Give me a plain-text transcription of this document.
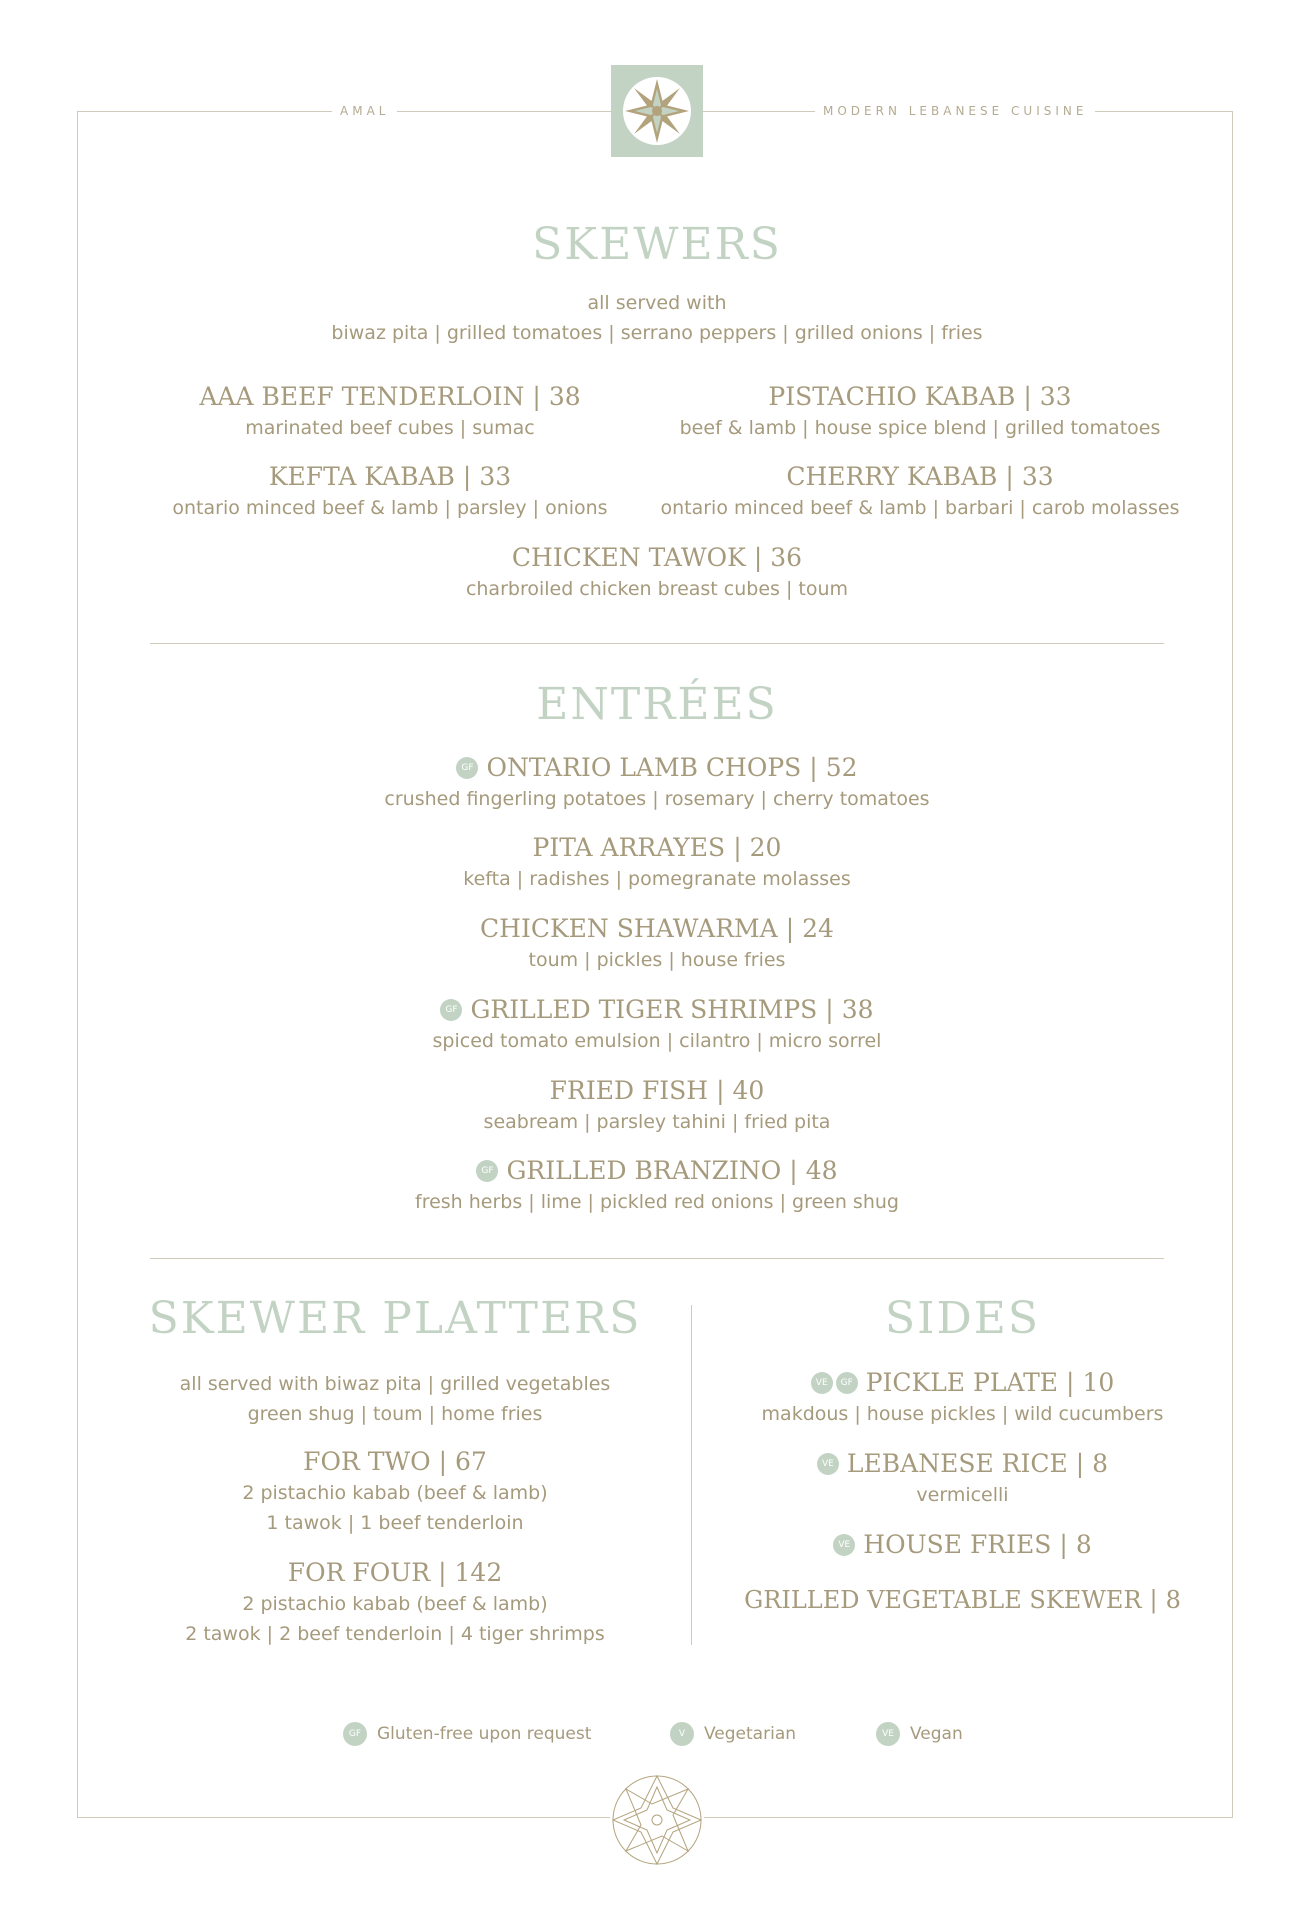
AMAL	MODERN LEBANESE CUISINE
SKEWERS
all served with
biwaz pita | grilled tomatoes | serrano peppers | grilled onions | fries
AAA BEEF TENDERLOIN | 38
marinated beef cubes | sumac
PISTACHIO KABAB | 33
beef & lamb | house spice blend | grilled tomatoes
KEFTA KABAB | 33
ontario minced beef & lamb | parsley | onions
CHERRY KABAB | 33
ontario minced beef & lamb | barbari | carob molasses
CHICKEN TAWOK | 36
charbroiled chicken breast cubes | toum
ENTRÉES
GF ONTARIO LAMB CHOPS | 52
crushed fingerling potatoes | rosemary | cherry tomatoes
PITA ARRAYES | 20
kefta | radishes | pomegranate molasses
CHICKEN SHAWARMA | 24
toum | pickles | house fries
GF GRILLED TIGER SHRIMPS | 38
spiced tomato emulsion | cilantro | micro sorrel
FRIED FISH | 40
seabream | parsley tahini | fried pita
GF GRILLED BRANZINO | 48
fresh herbs | lime | pickled red onions | green shug
SKEWER PLATTERS
all served with biwaz pita | grilled vegetables
green shug | toum | home fries
FOR TWO | 67
2 pistachio kabab (beef & lamb)
1 tawok | 1 beef tenderloin
FOR FOUR | 142
2 pistachio kabab (beef & lamb)
2 tawok | 2 beef tenderloin | 4 tiger shrimps
SIDES
VE	GF PICKLE PLATE | 10
makdous | house pickles | wild cucumbers
VE LEBANESE RICE | 8
vermicelli
VE HOUSE FRIES | 8
GRILLED VEGETABLE SKEWER | 8
GF Gluten-free upon request	V	Vegetarian	VE Vegan
